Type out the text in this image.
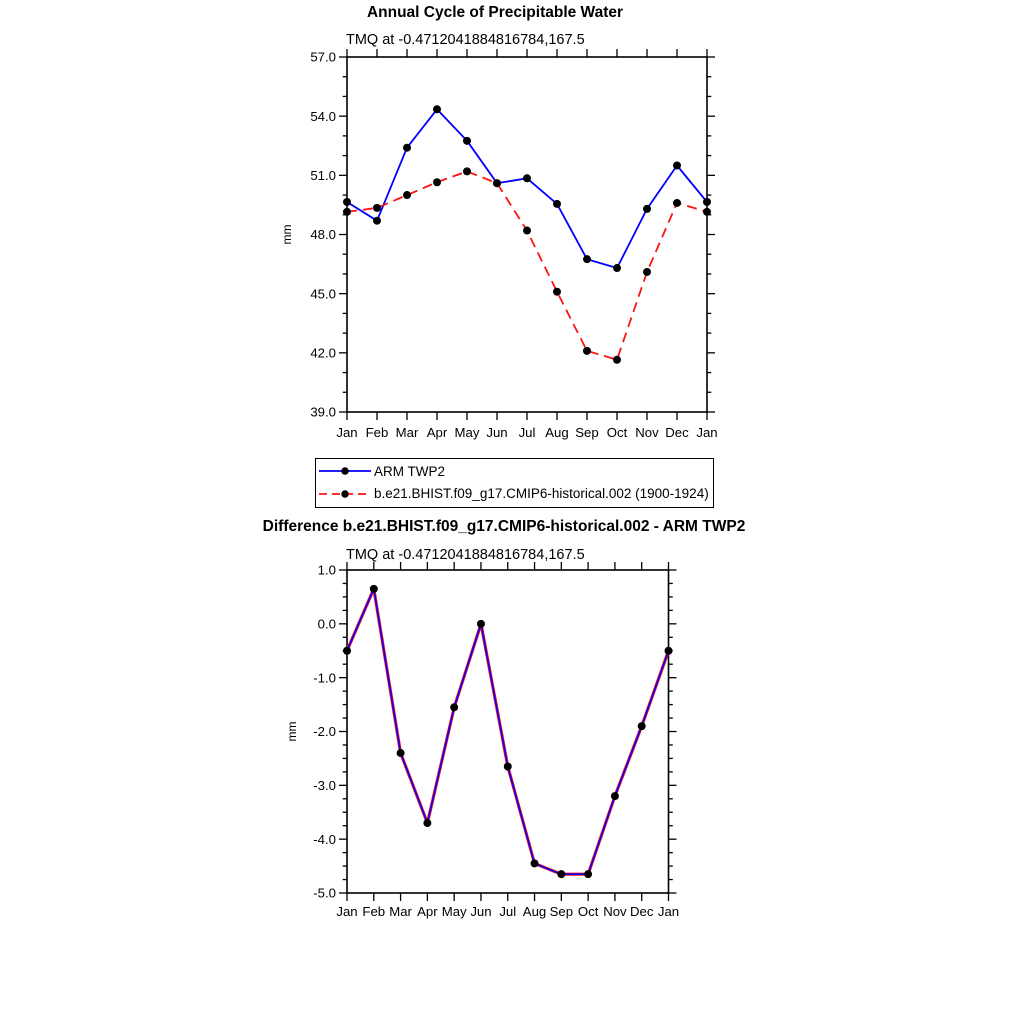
Annual Cycle of Precipitable Water
TMQ at -0.4712041884816784,167.5
57.0
54.0
51.0
48.0
45.0
42.0
39.0
Jan Feb Mar Apr May Jun Jul Aug Sep Oct Nov Dec Jan
mm
1.0
0.0
-1.0
-2.0
-3.0
-4.0
-5.0
Jan Feb Mar Apr May Jun Jul Aug Sep Oct Nov Dec Jan
mm
ARM TWP2
b.e21.BHIST.f09_g17.CMIP6-historical.002 (1900-1924)
Difference b.e21.BHIST.f09_g17.CMIP6-historical.002 - ARM TWP2
TMQ at -0.4712041884816784,167.5
